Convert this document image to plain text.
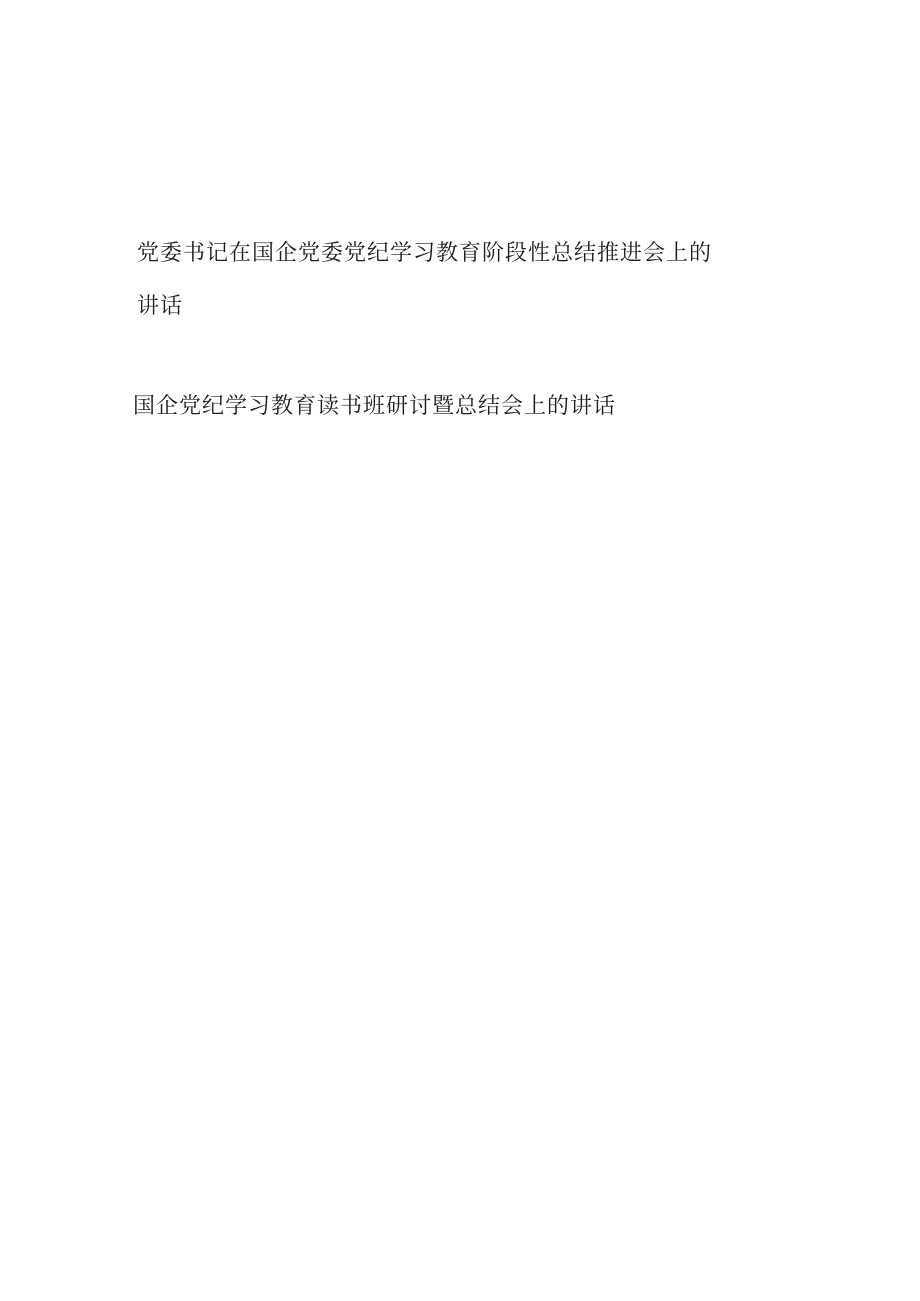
党委书记在国企党委党纪学习教育阶段性总结推进会上的讲话
国企党纪学习教育读书班研讨暨总结会上的讲话
